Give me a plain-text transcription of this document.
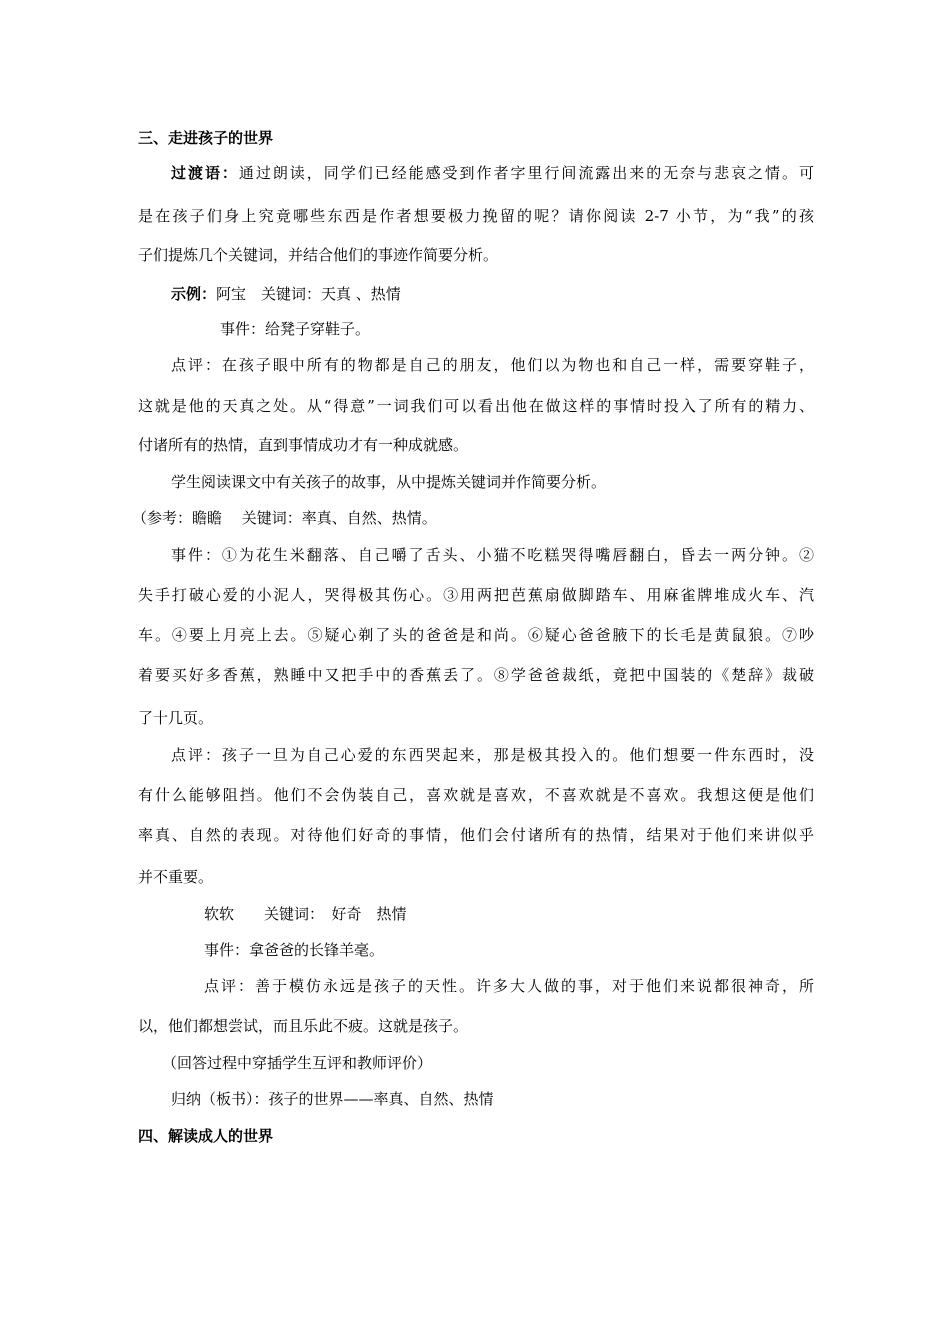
三、走进孩子的世界
过渡语：通过朗读，同学们已经能感受到作者字里行间流露出来的无奈与悲哀之情。可
是在孩子们身上究竟哪些东西是作者想要极力挽留的呢？请你阅读 2-7 小节，为“我”的孩
子们提炼几个关键词，并结合他们的事迹作简要分析。
示例：阿宝　关键词：天真 、热情
事件：给凳子穿鞋子。
点评：在孩子眼中所有的物都是自己的朋友，他们以为物也和自己一样，需要穿鞋子，
这就是他的天真之处。从“得意”一词我们可以看出他在做这样的事情时投入了所有的精力、
付诸所有的热情，直到事情成功才有一种成就感。
学生阅读课文中有关孩子的故事，从中提炼关键词并作简要分析。
（参考：瞻瞻　 关键词：率真、自然、热情。
事件：①为花生米翻落、自己嚼了舌头、小猫不吃糕哭得嘴唇翻白，昏去一两分钟。②
失手打破心爱的小泥人，哭得极其伤心。③用两把芭蕉扇做脚踏车、用麻雀牌堆成火车、汽
车。④要上月亮上去。⑤疑心剃了头的爸爸是和尚。⑥疑心爸爸腋下的长毛是黄鼠狼。⑦吵
着要买好多香蕉，熟睡中又把手中的香蕉丢了。⑧学爸爸裁纸，竟把中国装的《楚辞》裁破
了十几页。
点评：孩子一旦为自己心爱的东西哭起来，那是极其投入的。他们想要一件东西时，没
有什么能够阻挡。他们不会伪装自己，喜欢就是喜欢，不喜欢就是不喜欢。我想这便是他们
率真、自然的表现。对待他们好奇的事情，他们会付诸所有的热情，结果对于他们来讲似乎
并不重要。
软软　　关键词：　好奇　热情
事件：拿爸爸的长锋羊毫。
点评：善于模仿永远是孩子的天性。许多大人做的事，对于他们来说都很神奇，所
以，他们都想尝试，而且乐此不疲。这就是孩子。
（回答过程中穿插学生互评和教师评价）
归纳（板书）：孩子的世界——率真、自然、热情
四、解读成人的世界
